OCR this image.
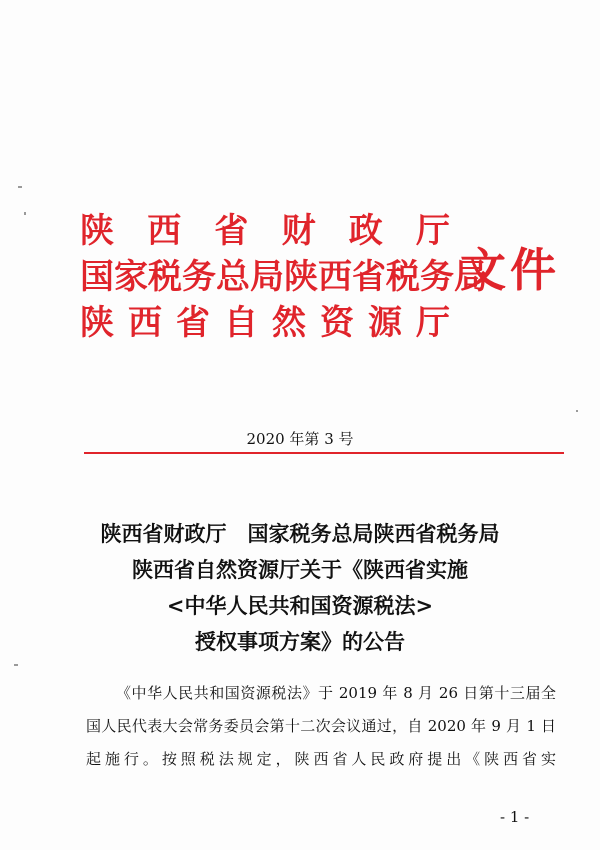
陕 西 省 财 政 厅
国家税务总局陕西省税务局
陕 西 省 自 然 资 源 厅
文件
2020 年第 3 号
陕西省财政厅　国家税务总局陕西省税务局
陕西省自然资源厅关于《陕西省实施
<中华人民共和国资源税法>
授权事项方案》的公告

《中华人民共和国资源税法》于 2019 年 8 月 26 日第十三届全国人民代表大会常务委员会第十二次会议通过，自 2020 年 9 月 1 日起施行。按照税法规定，陕西省人民政府提出《陕西省实

- 1 -
